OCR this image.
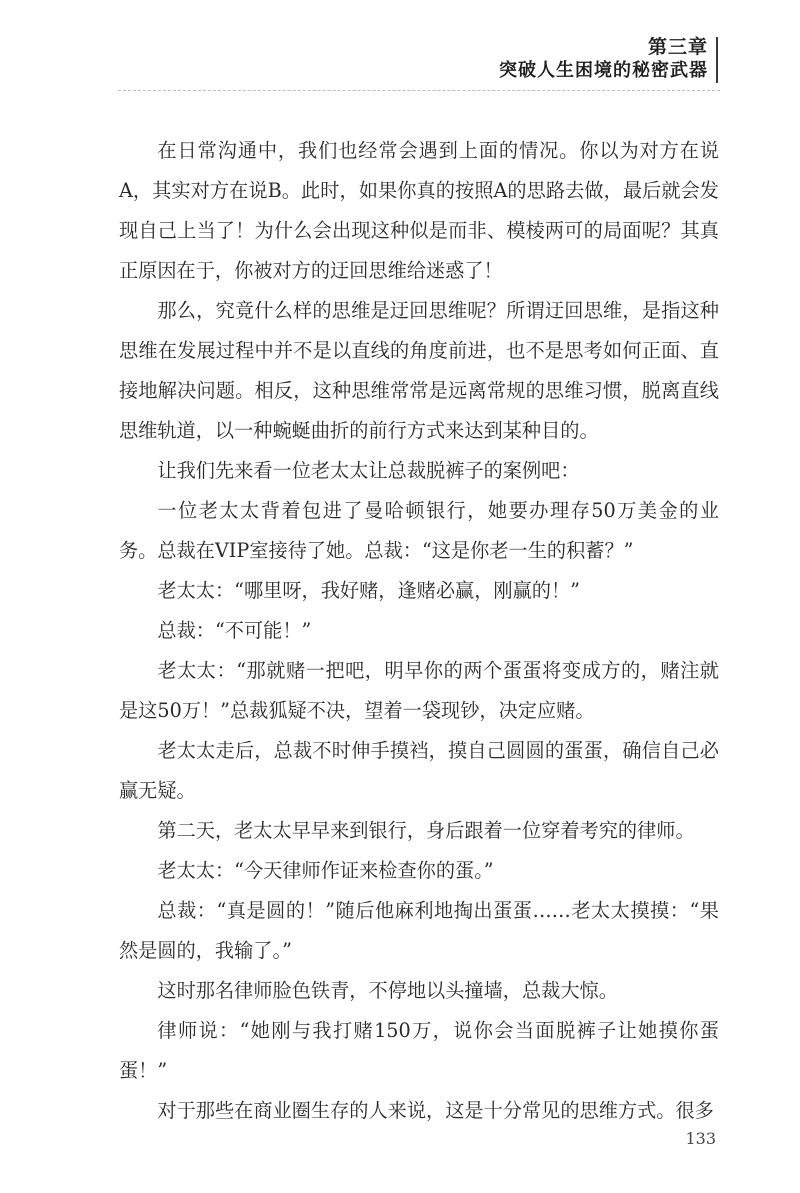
第三章
突破人生困境的秘密武器

在日常沟通中，我们也经常会遇到上面的情况。你以为对方在说A，其实对方在说B。此时，如果你真的按照A的思路去做，最后就会发现自己上当了！为什么会出现这种似是而非、模棱两可的局面呢？其真正原因在于，你被对方的迂回思维给迷惑了！

那么，究竟什么样的思维是迂回思维呢？所谓迂回思维，是指这种思维在发展过程中并不是以直线的角度前进，也不是思考如何正面、直接地解决问题。相反，这种思维常常是远离常规的思维习惯，脱离直线思维轨道，以一种蜿蜒曲折的前行方式来达到某种目的。

让我们先来看一位老太太让总裁脱裤子的案例吧：

一位老太太背着包进了曼哈顿银行，她要办理存50万美金的业务。总裁在VIP室接待了她。总裁：“这是你老一生的积蓄？”

老太太：“哪里呀，我好赌，逢赌必赢，刚赢的！”

总裁：“不可能！”

老太太：“那就赌一把吧，明早你的两个蛋蛋将变成方的，赌注就是这50万！”总裁狐疑不决，望着一袋现钞，决定应赌。

老太太走后，总裁不时伸手摸裆，摸自己圆圆的蛋蛋，确信自己必赢无疑。

第二天，老太太早早来到银行，身后跟着一位穿着考究的律师。

老太太：“今天律师作证来检查你的蛋。”

总裁：“真是圆的！”随后他麻利地掏出蛋蛋……老太太摸摸：“果然是圆的，我输了。”

这时那名律师脸色铁青，不停地以头撞墙，总裁大惊。

律师说：“她刚与我打赌150万，说你会当面脱裤子让她摸你蛋蛋！”

对于那些在商业圈生存的人来说，这是十分常见的思维方式。很多

133
